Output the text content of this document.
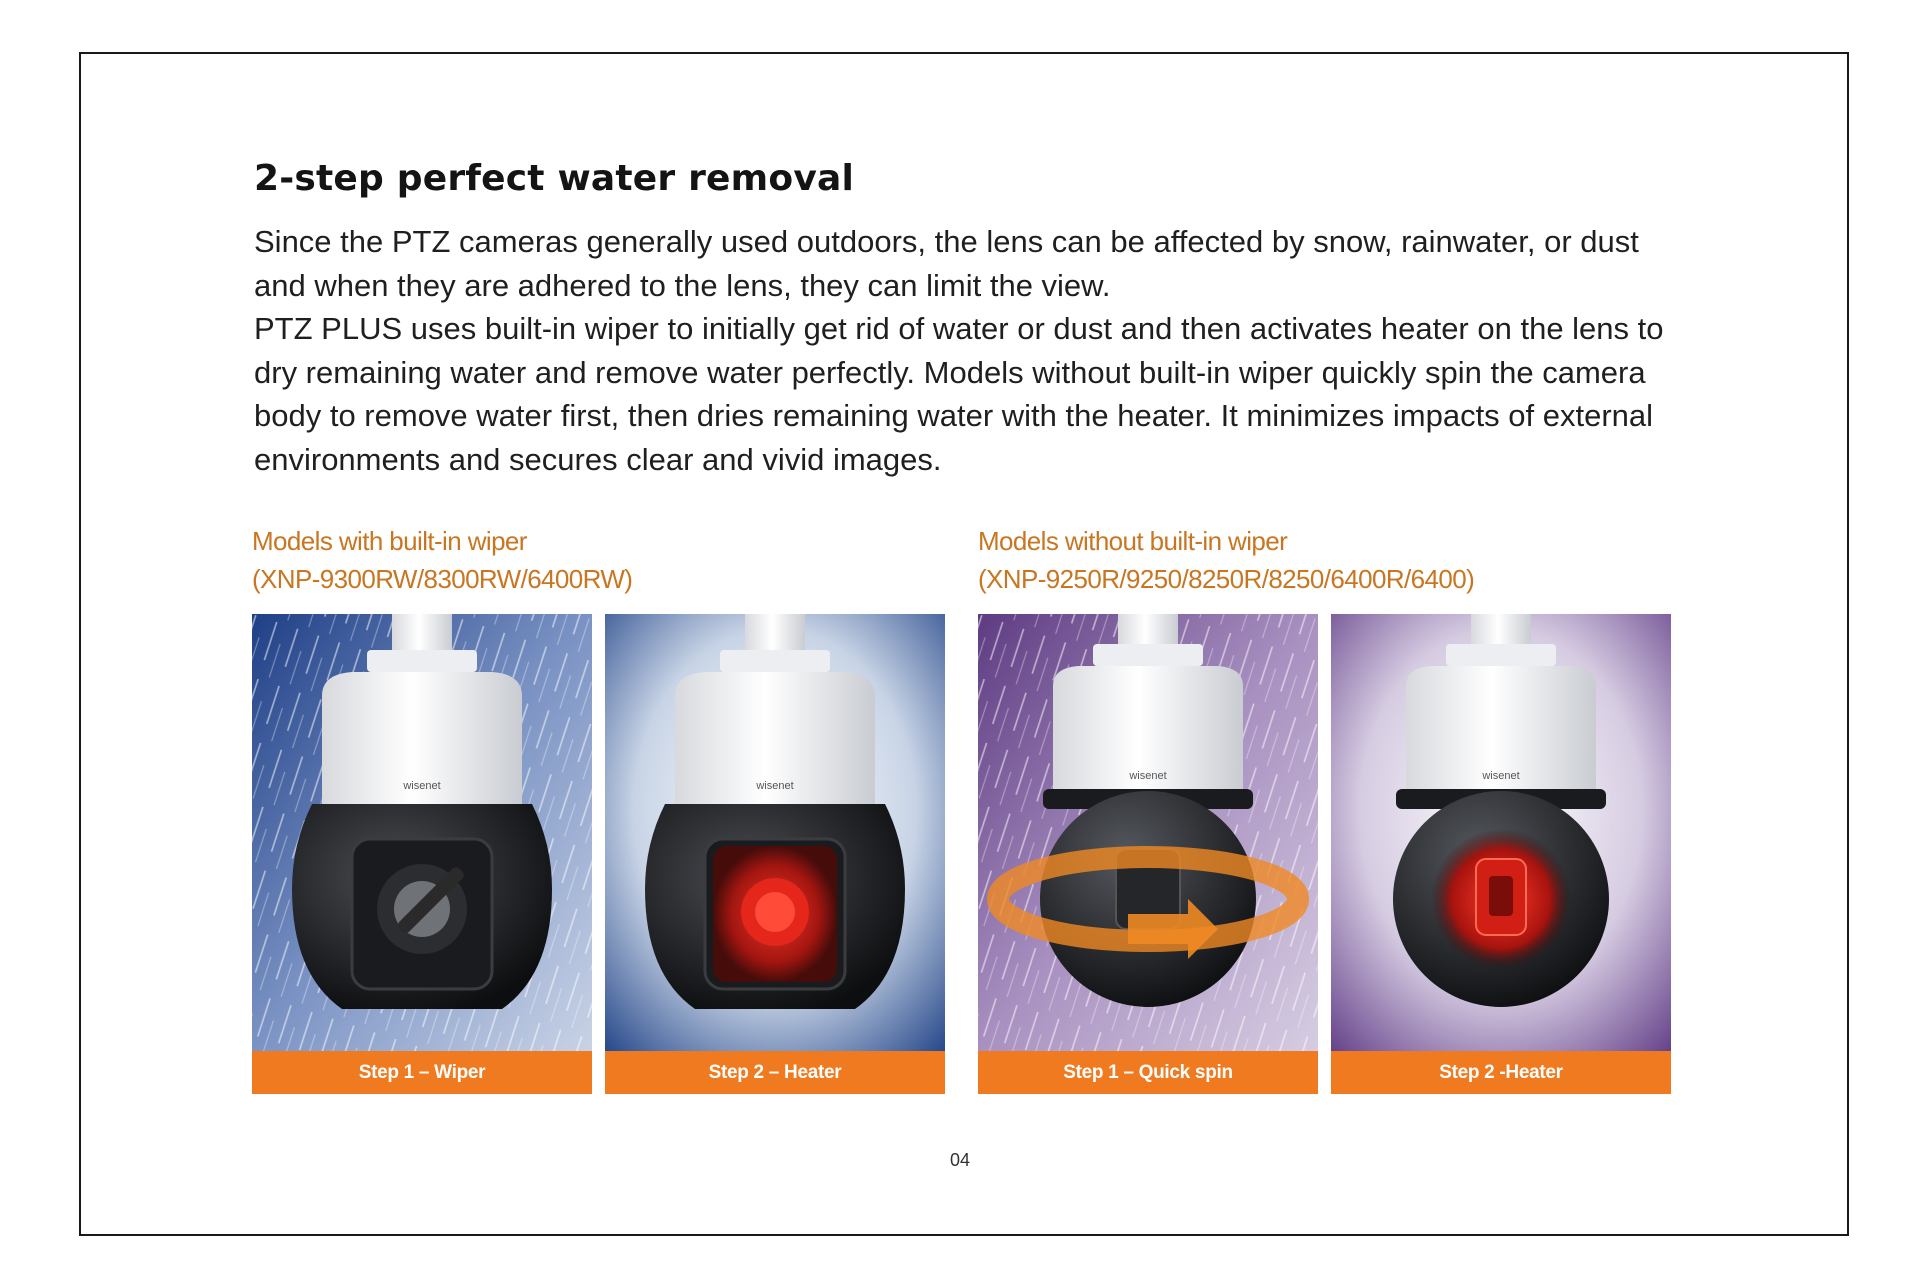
2-step perfect water removal

Since the PTZ cameras generally used outdoors, the lens can be affected by snow, rainwater, or dust and when they are adhered to the lens, they can limit the view.

PTZ PLUS uses built-in wiper to initially get rid of water or dust and then activates heater on the lens to dry remaining water and remove water perfectly. Models without built-in wiper quickly spin the camera body to remove water first, then dries remaining water with the heater. It minimizes impacts of external environments and secures clear and vivid images.

Models with built-in wiper
(XNP-9300RW/8300RW/6400RW)
Models without built-in wiper
(XNP-9250R/9250/8250R/8250/6400R/6400)
wisenet
Step 1 – Wiper
wisenet
Step 2 – Heater
wisenet
Step 1 – Quick spin
wisenet
Step 2 -Heater
04
